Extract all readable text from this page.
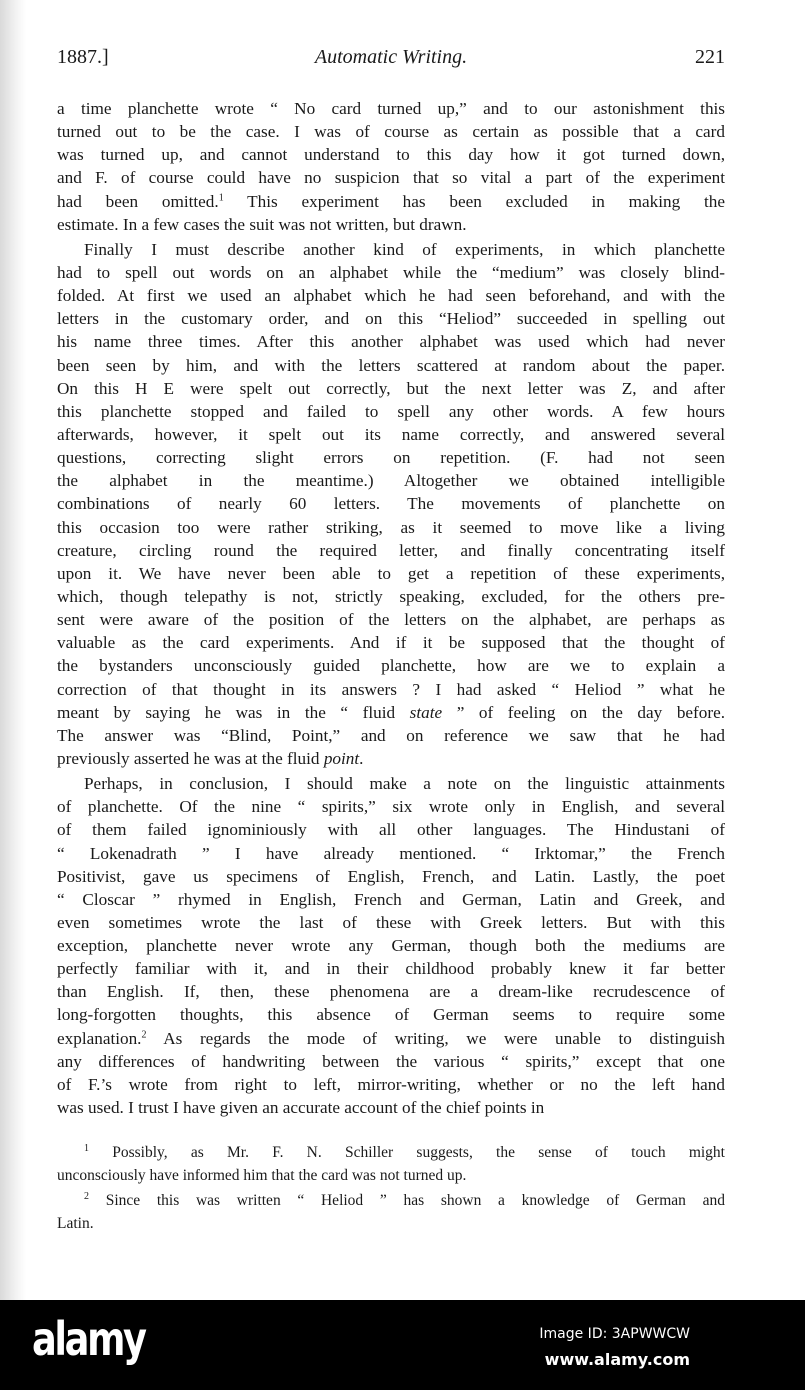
1887.]	Automatic Writing.	221
a time planchette wrote “ No card turned up,” and to our astonishment this
turned out to be the case. I was of course as certain as possible that a card
was turned up, and cannot understand to this day how it got turned down,
and F. of course could have no suspicion that so vital a part of the experiment
had been omitted.$^1$ This experiment has been excluded in making the
estimate. In a few cases the suit was not written, but drawn.
Finally I must describe another kind of experiments, in which planchette
had to spell out words on an alphabet while the “medium” was closely blind-
folded. At first we used an alphabet which he had seen beforehand, and with the
letters in the customary order, and on this “Heliod” succeeded in spelling out
his name three times. After this another alphabet was used which had never
been seen by him, and with the letters scattered at random about the paper.
On this H E were spelt out correctly, but the next letter was Z, and after
this planchette stopped and failed to spell any other words. A few hours
afterwards, however, it spelt out its name correctly, and answered several
questions, correcting slight errors on repetition. (F. had not seen
the alphabet in the meantime.) Altogether we obtained intelligible
combinations of nearly 60 letters. The movements of planchette on
this occasion too were rather striking, as it seemed to move like a living
creature, circling round the required letter, and finally concentrating itself
upon it. We have never been able to get a repetition of these experiments,
which, though telepathy is not, strictly speaking, excluded, for the others pre-
sent were aware of the position of the letters on the alphabet, are perhaps as
valuable as the card experiments. And if it be supposed that the thought of
the bystanders unconsciously guided planchette, how are we to explain a
correction of that thought in its answers ? I had asked “ Heliod ” what he
meant by saying he was in the “ fluid state ” of feeling on the day before.
The answer was “Blind, Point,” and on reference we saw that he had
previously asserted he was at the fluid point.
Perhaps, in conclusion, I should make a note on the linguistic attainments
of planchette. Of the nine “ spirits,” six wrote only in English, and several
of them failed ignominiously with all other languages. The Hindustani of
“ Lokenadrath ” I have already mentioned. “ Irktomar,” the French
Positivist, gave us specimens of English, French, and Latin. Lastly, the poet
“ Closcar ” rhymed in English, French and German, Latin and Greek, and
even sometimes wrote the last of these with Greek letters. But with this
exception, planchette never wrote any German, though both the mediums are
perfectly familiar with it, and in their childhood probably knew it far better
than English. If, then, these phenomena are a dream-like recrudescence of
long-forgotten thoughts, this absence of German seems to require some
explanation.$^2$ As regards the mode of writing, we were unable to distinguish
any differences of handwriting between the various “ spirits,” except that one
of F.’s wrote from right to left, mirror-writing, whether or no the left hand
was used. I trust I have given an accurate account of the chief points in
$^1$ Possibly, as Mr. F. N. Schiller suggests, the sense of touch might
unconsciously have informed him that the card was not turned up.
$^2$ Since this was written “ Heliod ” has shown a knowledge of German and
Latin.
alamy	Image ID: 3APWWCW
www.alamy.com
